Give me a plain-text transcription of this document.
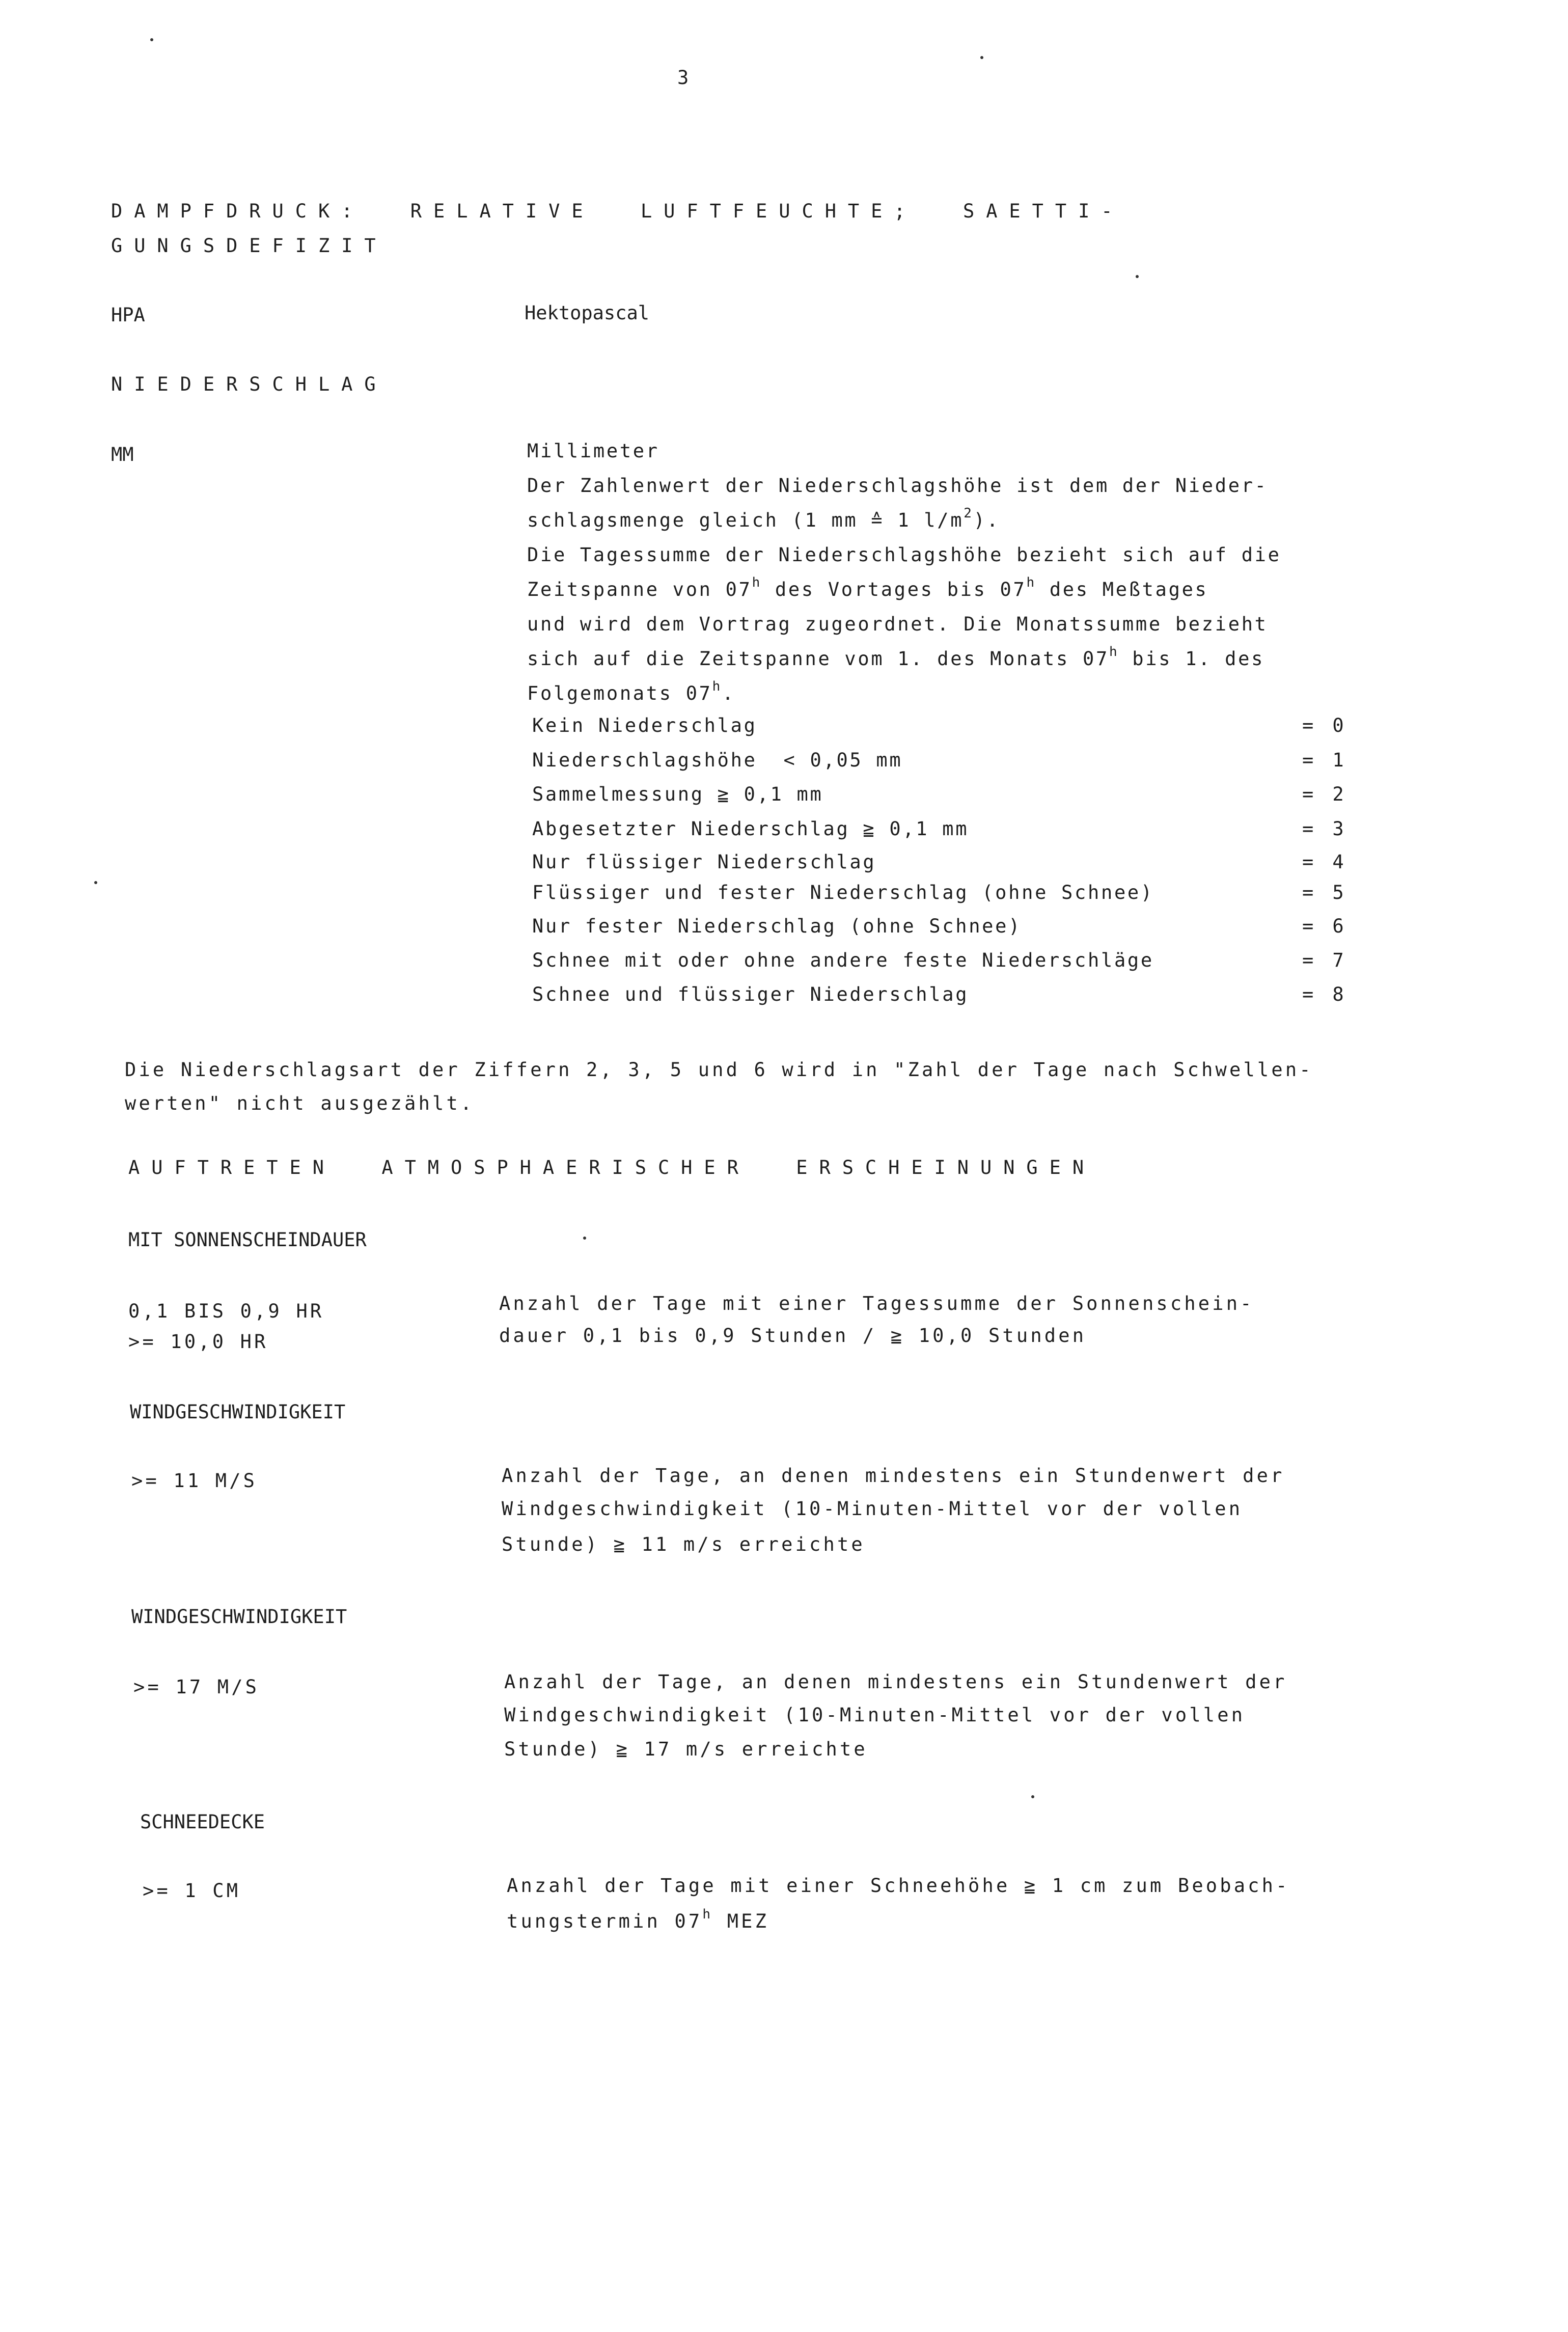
3
DAMPFDRUCK:  RELATIVE  LUFTFEUCHTE;  SAETTI-
GUNGSDEFIZIT
HPA	Hektopascal
NIEDERSCHLAG
MM	Millimeter
Der Zahlenwert der Niederschlagshöhe ist dem der Nieder-
schlagsmenge gleich (1 mm ≙ 1 $l/m^2$).
Die Tagessumme der Niederschlagshöhe bezieht sich auf die
Zeitspanne von 07$^h$ des Vortages bis 07$^h$ des Meßtages
und wird dem Vortrag zugeordnet. Die Monatssumme bezieht
sich auf die Zeitspanne vom 1. des Monats 07$^h$ bis 1. des
Folgemonats 07$^h$.
Kein Niederschlag	= 0
Niederschlagshöhe  < 0,05 mm	= 1
Sammelmessung ≧ 0,1 mm	= 2
Abgesetzter Niederschlag ≧ 0,1 mm	= 3
Nur flüssiger Niederschlag	= 4
Flüssiger und fester Niederschlag (ohne Schnee)	= 5
Nur fester Niederschlag (ohne Schnee)	= 6
Schnee mit oder ohne andere feste Niederschläge	= 7
Schnee und flüssiger Niederschlag	= 8
Die Niederschlagsart der Ziffern 2, 3, 5 und 6 wird in "Zahl der Tage nach Schwellen-
werten" nicht ausgezählt.
AUFTRETEN  ATMOSPHAERISCHER  ERSCHEINUNGEN
MIT SONNENSCHEINDAUER
0,1 BIS 0,9 HR
>= 10,0 HR
Anzahl der Tage mit einer Tagessumme der Sonnenschein-
dauer 0,1 bis 0,9 Stunden / ≧ 10,0 Stunden
WINDGESCHWINDIGKEIT
>= 11 M/S	Anzahl der Tage, an denen mindestens ein Stundenwert der
Windgeschwindigkeit (10-Minuten-Mittel vor der vollen
Stunde) ≧ 11 m/s erreichte
WINDGESCHWINDIGKEIT
>= 17 M/S	Anzahl der Tage, an denen mindestens ein Stundenwert der
Windgeschwindigkeit (10-Minuten-Mittel vor der vollen
Stunde) ≧ 17 m/s erreichte
SCHNEEDECKE
>= 1 CM	Anzahl der Tage mit einer Schneehöhe ≧ 1 cm zum Beobach-
tungstermin 07$^h$ MEZ
